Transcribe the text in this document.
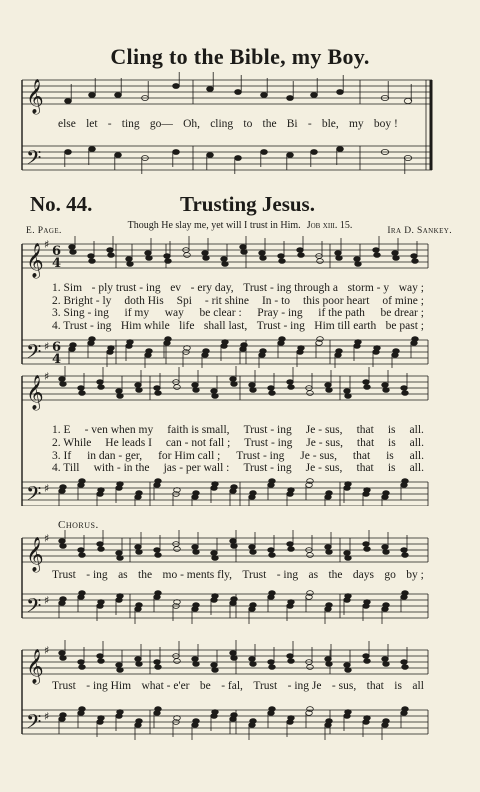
Cling to the Bible, my Boy.
𝄞
𝄢
else let - ting go— Oh, cling to the Bi - ble, my boy !
No. 44.	Trusting Jesus.
Though He slay me, yet will I trust in Him. Job xiii. 15.
E. Page.	Ira D. Sankey.
Chorus.
𝄞
𝄢
♯
♯
6
4
6
4
1. Sim - ply trust - ing ev - ery day, Trust - ing through a storm - y way ;
2. Bright - ly doth His Spi - rit shine In - to this poor heart of mine ;
3. Sing - ing if my way be clear : Pray - ing if the path be drear ;
4. Trust - ing Him while life shall last, Trust - ing Him till earth be past ;
𝄞
𝄢
♯
♯
1. E - ven when my faith is small, Trust - ing Je - sus, that is all.
2. While He leads I can - not fall ; Trust - ing Je - sus, that is all.
3. If in dan - ger, for Him call ; Trust - ing Je - sus, that is all.
4. Till with - in the jas - per wall : Trust - ing Je - sus, that is all.
𝄞
𝄢
♯
♯
Trust - ing as the mo - ments fly, Trust - ing as the days go by ;
𝄞
𝄢
♯
♯
Trust - ing Him what - e'er be - fal, Trust - ing Je - sus, that is all
